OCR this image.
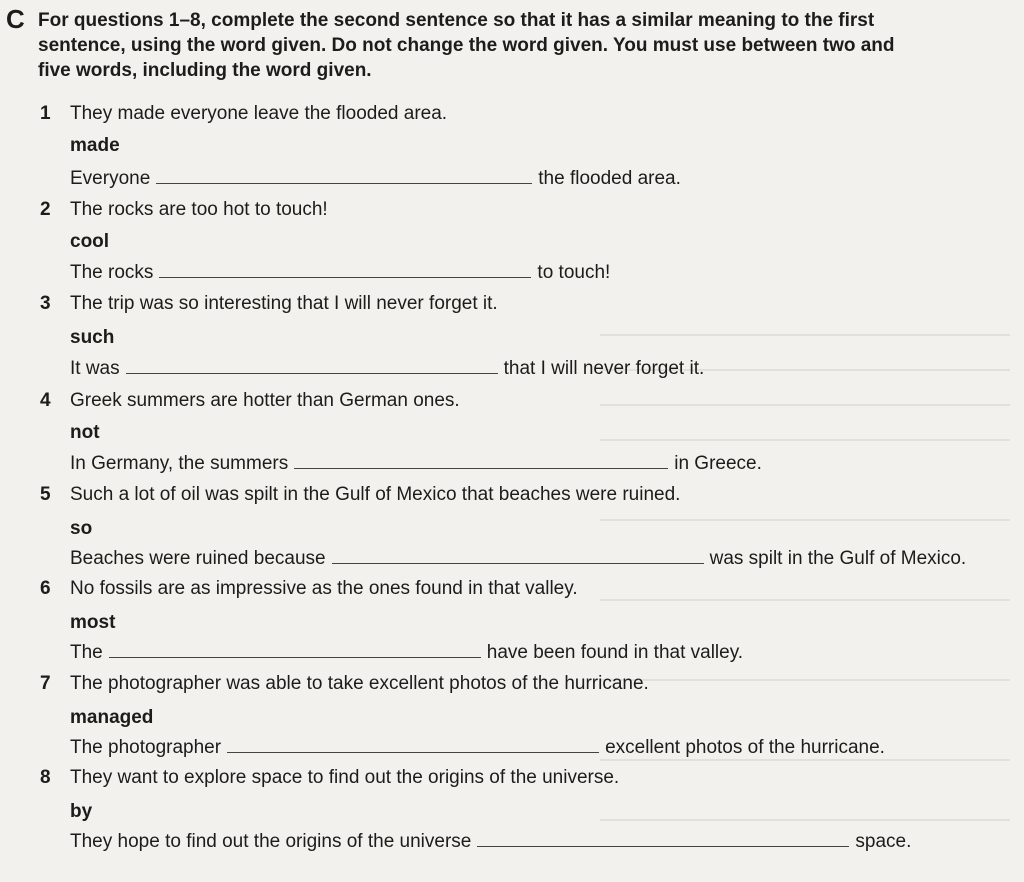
C For questions 1–8, complete the second sentence so that it has a similar meaning to the first sentence, using the word given. Do not change the word given. You must use between two and five words, including the word given.
1 They made everyone leave the flooded area.
made
Everyone	the flooded area.
2 The rocks are too hot to touch!
cool
The rocks	to touch!
3 The trip was so interesting that I will never forget it.
such
It was	that I will never forget it.
4 Greek summers are hotter than German ones.
not
In Germany, the summers	in Greece.
5 Such a lot of oil was spilt in the Gulf of Mexico that beaches were ruined.
so
Beaches were ruined because	was spilt in the Gulf of Mexico.
6 No fossils are as impressive as the ones found in that valley.
most
The	have been found in that valley.
7 The photographer was able to take excellent photos of the hurricane.
managed
The photographer	excellent photos of the hurricane.
8 They want to explore space to find out the origins of the universe.
by
They hope to find out the origins of the universe	space.
